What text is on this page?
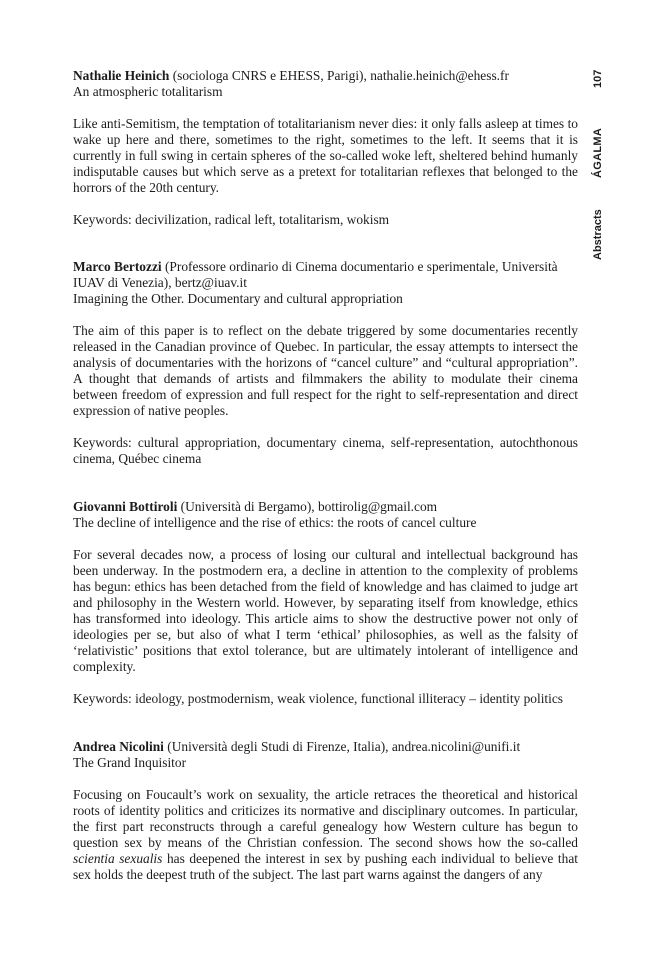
Nathalie Heinich (sociologa CNRS e EHESS, Parigi), nathalie.heinich@ehess.fr
An atmospheric totalitarism

Like anti-Semitism, the temptation of totalitarianism never dies: it only falls asleep at times to wake up here and there, sometimes to the right, sometimes to the left. It seems that it is currently in full swing in certain spheres of the so-called woke left, sheltered behind humanly indisputable causes but which serve as a pretext for totalitarian reflexes that belonged to the horrors of the 20th century.

Keywords: decivilization, radical left, totalitarism, wokism

Marco Bertozzi (Professore ordinario di Cinema documentario e sperimentale, Università IUAV di Venezia), bertz@iuav.it
Imagining the Other. Documentary and cultural appropriation

The aim of this paper is to reflect on the debate triggered by some documentaries recently released in the Canadian province of Quebec. In particular, the essay attempts to intersect the analysis of documentaries with the horizons of “cancel culture” and “cultural appropriation”. A thought that demands of artists and filmmakers the ability to modulate their cinema between freedom of expression and full respect for the right to self-representation and direct expression of native peoples.

Keywords: cultural appropriation, documentary cinema, self-representation, autochthonous cinema, Québec cinema

Giovanni Bottiroli (Università di Bergamo), bottirolig@gmail.com
The decline of intelligence and the rise of ethics: the roots of cancel culture

For several decades now, a process of losing our cultural and intellectual background has been underway. In the postmodern era, a decline in attention to the complexity of problems has begun: ethics has been detached from the field of knowledge and has claimed to judge art and philosophy in the Western world. However, by separating itself from knowledge, ethics has transformed into ideology. This article aims to show the destructive power not only of ideologies per se, but also of what I term ‘ethical’ philosophies, as well as the falsity of ‘relativistic’ positions that extol tolerance, but are ultimately intolerant of intelligence and complexity.

Keywords: ideology, postmodernism, weak violence, functional illiteracy – identity politics

Andrea Nicolini (Università degli Studi di Firenze, Italia), andrea.nicolini@unifi.it
The Grand Inquisitor

Focusing on Foucault’s work on sexuality, the article retraces the theoretical and historical roots of identity politics and criticizes its normative and disciplinary outcomes. In particular, the first part reconstructs through a careful genealogy how Western culture has begun to question sex by means of the Christian confession. The second shows how the so-called scientia sexualis has deepened the interest in sex by pushing each individual to believe that sex holds the deepest truth of the subject. The last part warns against the dangers of any

107
ÁGALMA
Abstracts
